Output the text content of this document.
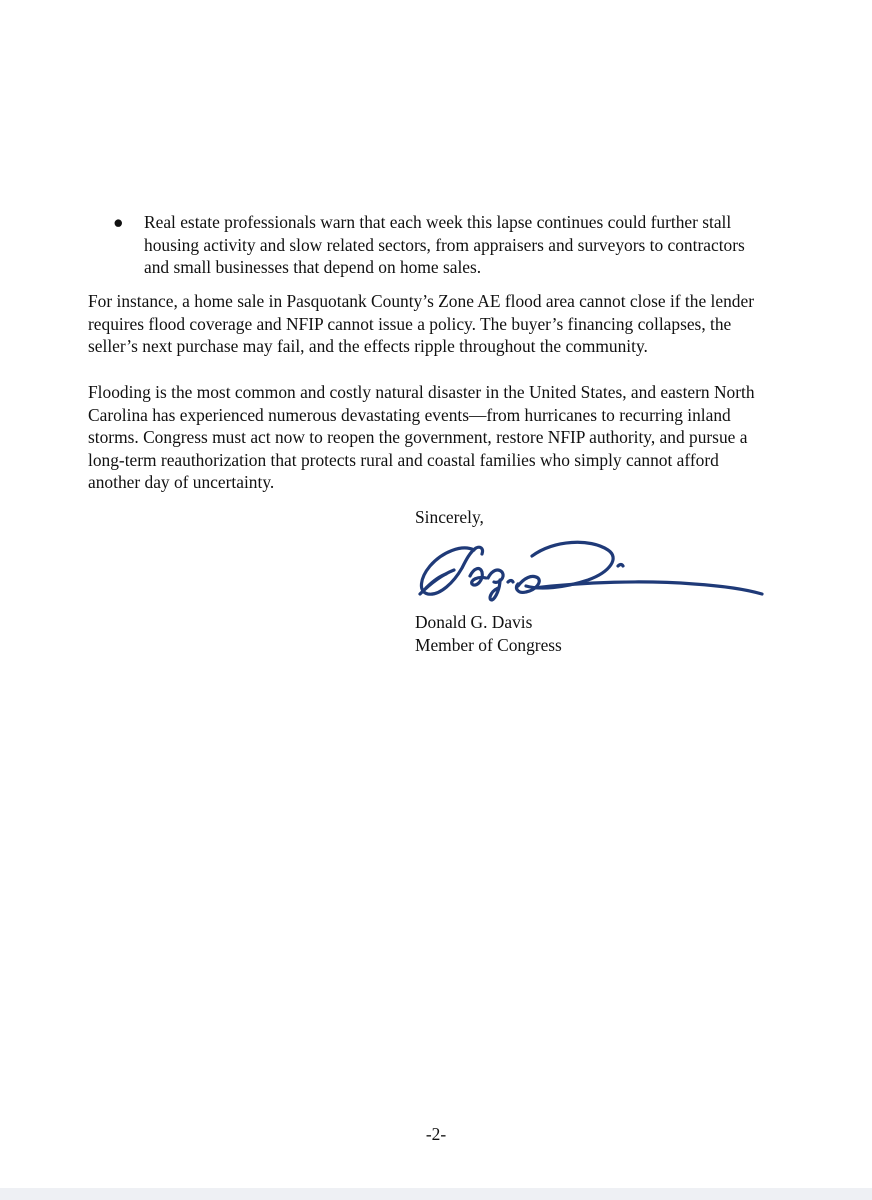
● Real estate professionals warn that each week this lapse continues could further stall
housing activity and slow related sectors, from appraisers and surveyors to contractors
and small businesses that depend on home sales.
For instance, a home sale in Pasquotank County’s Zone AE flood area cannot close if the lender
requires flood coverage and NFIP cannot issue a policy. The buyer’s financing collapses, the
seller’s next purchase may fail, and the effects ripple throughout the community.
Flooding is the most common and costly natural disaster in the United States, and eastern North
Carolina has experienced numerous devastating events—from hurricanes to recurring inland
storms. Congress must act now to reopen the government, restore NFIP authority, and pursue a
long-term reauthorization that protects rural and coastal families who simply cannot afford
another day of uncertainty.
Sincerely,
Donald G. Davis
Member of Congress
-2-
